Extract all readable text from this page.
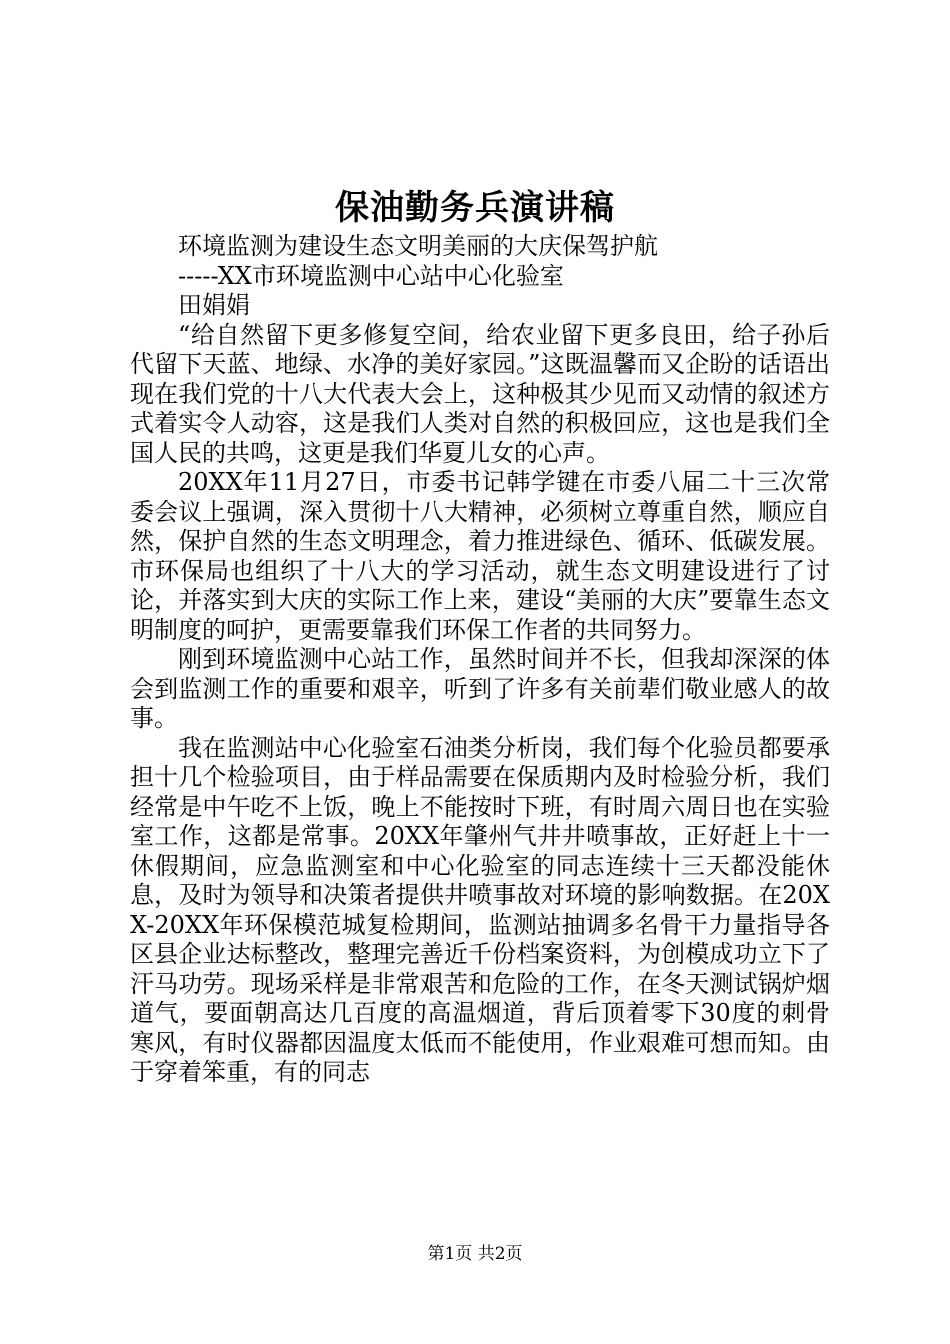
保油勤务兵演讲稿

环境监测为建设生态文明美丽的大庆保驾护航

-----XX市环境监测中心站中心化验室

田娟娟

“给自然留下更多修复空间，给农业留下更多良田，给子孙后代留下天蓝、地绿、水净的美好家园。”这既温馨而又企盼的话语出现在我们党的十八大代表大会上，这种极其少见而又动情的叙述方式着实令人动容，这是我们人类对自然的积极回应，这也是我们全国人民的共鸣，这更是我们华夏儿女的心声。

20XX年11月27日，市委书记韩学键在市委八届二十三次常委会议上强调，深入贯彻十八大精神，必须树立尊重自然，顺应自然，保护自然的生态文明理念，着力推进绿色、循环、低碳发展。市环保局也组织了十八大的学习活动，就生态文明建设进行了讨论，并落实到大庆的实际工作上来，建设“美丽的大庆”要靠生态文明制度的呵护，更需要靠我们环保工作者的共同努力。

刚到环境监测中心站工作，虽然时间并不长，但我却深深的体会到监测工作的重要和艰辛，听到了许多有关前辈们敬业感人的故事。

我在监测站中心化验室石油类分析岗，我们每个化验员都要承担十几个检验项目，由于样品需要在保质期内及时检验分析，我们经常是中午吃不上饭，晚上不能按时下班，有时周六周日也在实验室工作，这都是常事。20XX年肇州气井井喷事故，正好赶上十一休假期间，应急监测室和中心化验室的同志连续十三天都没能休息，及时为领导和决策者提供井喷事故对环境的影响数据。在20XX-20XX年环保模范城复检期间，监测站抽调多名骨干力量指导各区县企业达标整改，整理完善近千份档案资料，为创模成功立下了汗马功劳。现场采样是非常艰苦和危险的工作，在冬天测试锅炉烟道气，要面朝高达几百度的高温烟道，背后顶着零下30度的刺骨寒风，有时仪器都因温度太低而不能使用，作业艰难可想而知。由于穿着笨重，有的同志

第1页 共2页
